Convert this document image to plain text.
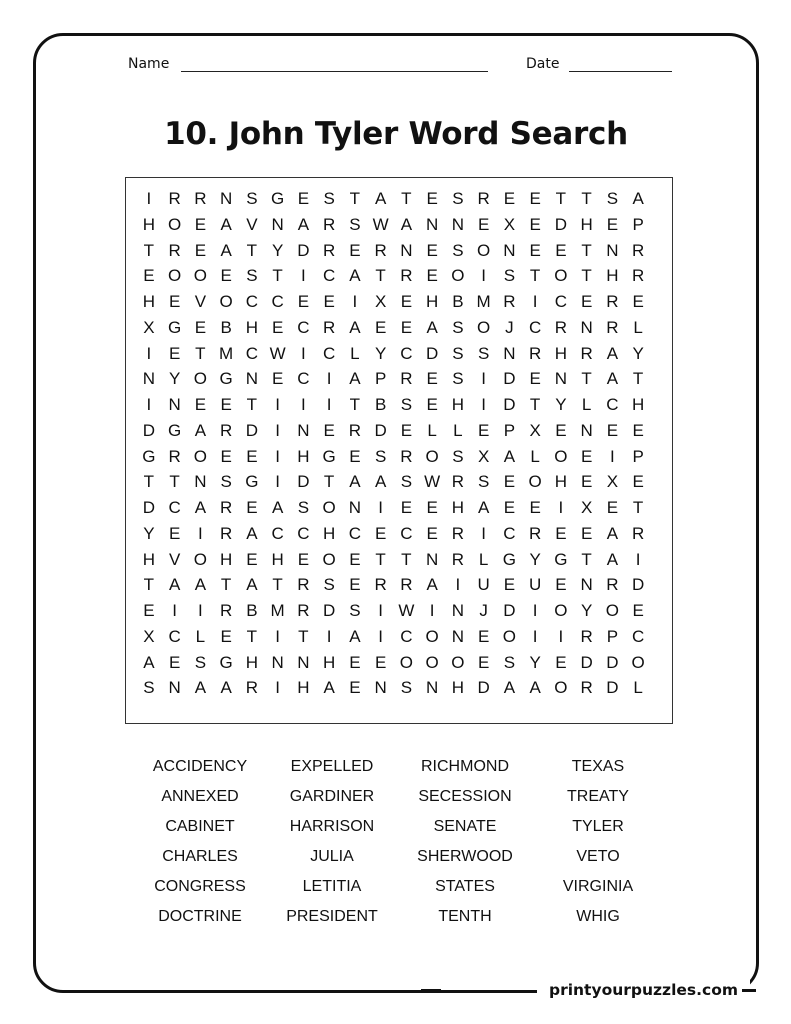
Name	Date
10. John Tyler Word Search
I	R R N S G E S T A T E S R E E T T S A
H O E A V N A R S W A N N E X E D H E P
T R E A T Y D R E R N E S O N E E T N R
E O O E S T	I	C A T R E O I	S T O T H R
H E V O C C E E	I	X E H B M R	I	C E R E
X G E B H E C R A E E A S O J C R N R L
I	E T M C W I	C L Y C D S S N R H R A Y
N Y O G N E C	I	A P R E S	I	D E N T A T
I	N E E T	I	I	I	T B S E H	I	D T Y L C H
D G A R D	I	N E R D E L L E P X E N E E
G R O E E	I	H G E S R O S X A L O E	I	P
T T N S G I	D T A A S W R S E O H E X E
D C A R E A S O N	I	E E H A E E	I	X E T
Y E	I	R A C C H C E C E R	I	C R E E A R
H V O H E H E O E T T N R L G Y G T A	I
T A A T A T R S E R R A	I	U E U E N R D
E	I	I	R B M R D S	I W I	N J D	I O Y O E
X C L E T	I	T	I	A	I	C O N E O I	I	R P C
A E S G H N N H E E O O O E S Y E D D O
S N A A R	I	H A E N S N H D A A O R D L
ACCIDENCY	EXPELLED	RICHMOND	TEXAS
ANNEXED	GARDINER	SECESSION	TREATY
CABINET	HARRISON	SENATE	TYLER
CHARLES	JULIA	SHERWOOD	VETO
CONGRESS	LETITIA	STATES	VIRGINIA
DOCTRINE	PRESIDENT	TENTH	WHIG
printyourpuzzles.com
